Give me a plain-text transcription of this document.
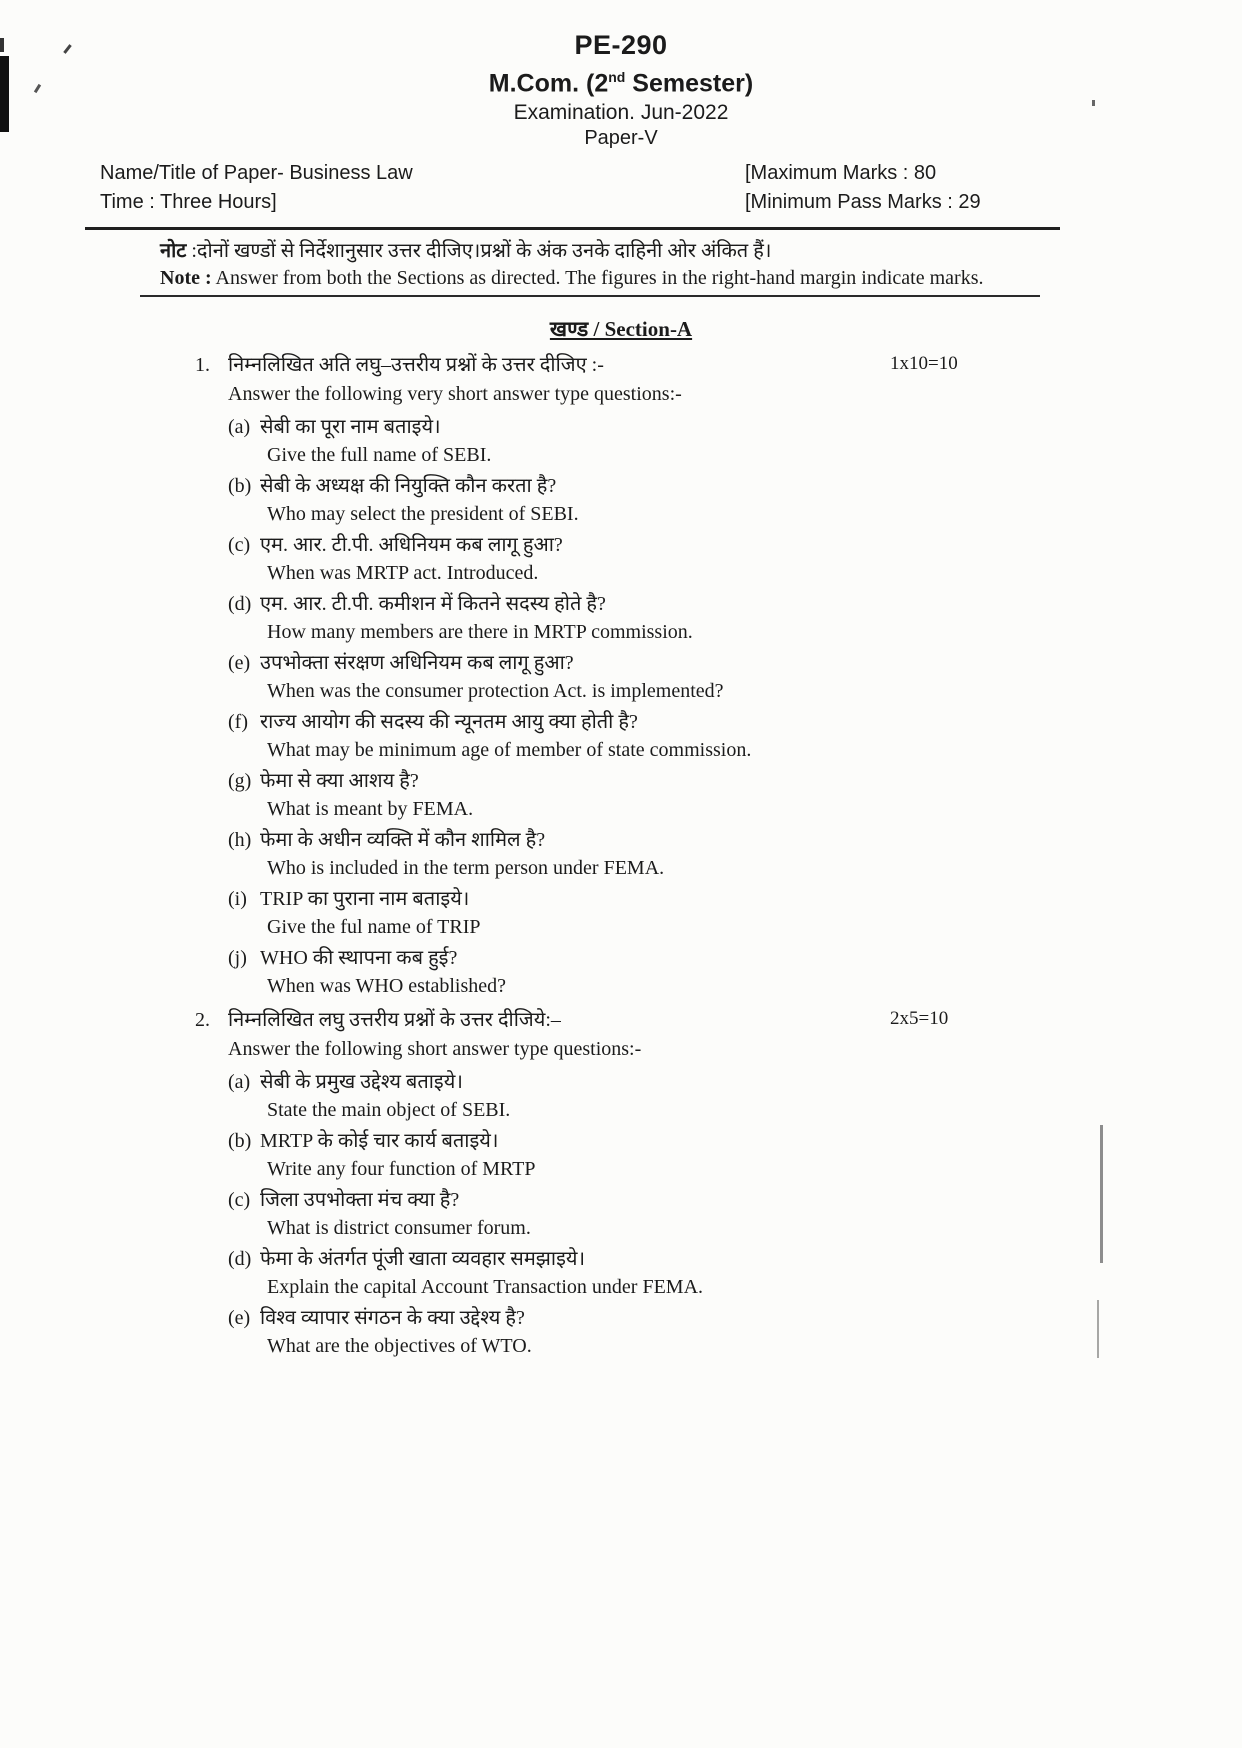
PE-290
M.Com. (2nd Semester)
Examination. Jun-2022
Paper-V
Name/Title of Paper- Business Law	[Maximum Marks : 80
Time : Three Hours]	[Minimum Pass Marks : 29
नोट :दोनों खण्डों से निर्देशानुसार उत्तर दीजिए।प्रश्नों के अंक उनके दाहिनी ओर अंकित हैं।
Note : Answer from both the Sections as directed. The figures in the right-hand margin indicate marks.
खण्ड / Section-A
1. निम्नलिखित अति लघु–उत्तरीय प्रश्नों के उत्तर दीजिए :-
Answer the following very short answer type questions:-
1x10=10
(a) सेबी का पूरा नाम बताइये।
Give the full name of SEBI.
(b) सेबी के अध्यक्ष की नियुक्ति कौन करता है?
Who may select the president of SEBI.
(c) एम. आर. टी.पी. अधिनियम कब लागू हुआ?
When was MRTP act. Introduced.
(d) एम. आर. टी.पी. कमीशन में कितने सदस्य होते है?
How many members are there in MRTP commission.
(e) उपभोक्ता संरक्षण अधिनियम कब लागू हुआ?
When was the consumer protection Act. is implemented?
(f) राज्य आयोग की सदस्य की न्यूनतम आयु क्या होती है?
What may be minimum age of member of state commission.
(g) फेमा से क्या आशय है?
What is meant by FEMA.
(h) फेमा के अधीन व्यक्ति में कौन शामिल है?
Who is included in the term person under FEMA.
(i) TRIP का पुराना नाम बताइये।
Give the ful name of TRIP
(j) WHO की स्थापना कब हुई?
When was WHO established?
2. निम्नलिखित लघु उत्तरीय प्रश्नों के उत्तर दीजिये:–
Answer the following short answer type questions:-
2x5=10
(a) सेबी के प्रमुख उद्देश्य बताइये।
State the main object of SEBI.
(b) MRTP के कोई चार कार्य बताइये।
Write any four function of MRTP
(c) जिला उपभोक्ता मंच क्या है?
What is district consumer forum.
(d) फेमा के अंतर्गत पूंजी खाता व्यवहार समझाइये।
Explain the capital Account Transaction under FEMA.
(e) विश्व व्यापार संगठन के क्या उद्देश्य है?
What are the objectives of WTO.
